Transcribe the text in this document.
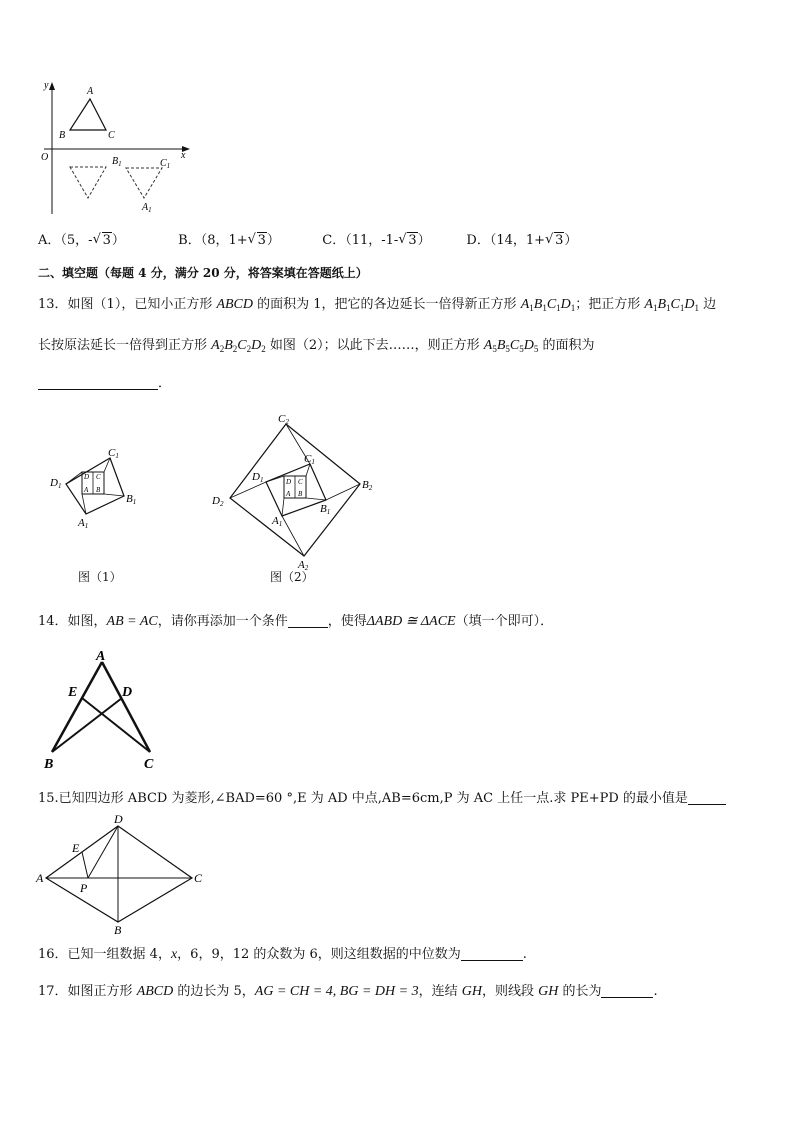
y
x
O
A
B	C
$B_1$	$C_1$
$A_1$
A．（5，- √ 3）	B．（8，1+ √ 3）	C．（11，-1- √ 3）	D．（14，1+ √ 3）
二、填空题（每题 4 分，满分 20 分，将答案填在答题纸上）
13．如图（1），已知小正方形 ABCD 的面积为 1，把它的各边延长一倍得新正方形 $A_1B_1C_1D_1$；把正方形 $A_1B_1C_1D_1$ 边
长按原法延长一倍得到正方形 $A_2B_2C_2D_2$ 如图（2）；以此下去……，则正方形 $A_5B_5C_5D_5$ 的面积为
．
D C
A B
C1
B1
D1
A1
图（1）
D C
A B
C2
B2
D2
A2
C1
B1
D1
A1
图（2）
14．如图，AB = AC，请你再添加一个条件	，使得ΔABD ≅ ΔACE（填一个即可）．
A
E	D
B	C
15.已知四边形 ABCD 为菱形,∠BAD=60 °,E 为 AD 中点,AB=6cm,P 为 AC 上任一点.求 PE+PD 的最小值是
D
E
A
P
C
B
16．已知一组数据 4，x，6，9，12 的众数为 6，则这组数据的中位数为	.
17．如图正方形 ABCD 的边长为 5，AG = CH = 4, BG = DH = 3，连结 GH，则线段 GH 的长为	.
